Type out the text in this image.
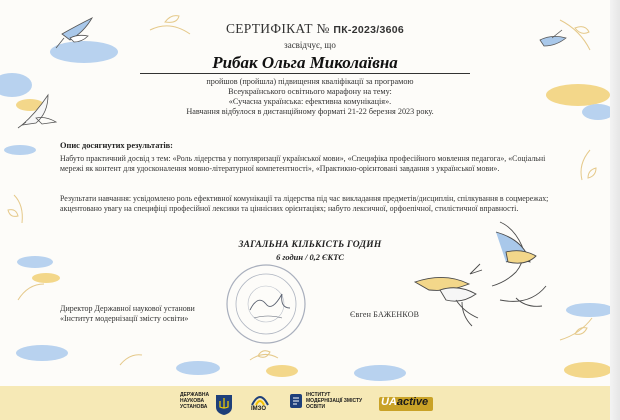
СЕРТИФІКАТ № ПК-2023/3606
засвідчує, що
Рибак Ольга Миколаївна
пройшов (пройшла) підвищення кваліфікації за програмою
Всеукраїнського освітнього марафону на тему:
«Сучасна українська: ефективна комунікація».
Навчання відбулося в дистанційному форматі 21-22 березня 2023 року.
Опис досягнутих результатів:
Набуто практичний досвід з тем: «Роль лідерства у популяризації української мови», «Специфіка професійного мовлення педагога», «Соціальні мережі як контент для удосконалення мовно-літературної компетентності», «Практикно-орієнтовані завдання з української мови».
Результати навчання: усвідомлено роль ефективної комунікації та лідерства під час викладання предметів/дисциплін, спілкування в соцмережах; акцентовано увагу на специфіці професійної лексики та ціннісних орієнтаціях; набуто лексичної, орфоепічної, стилістичної вправності.
ЗАГАЛЬНА КІЛЬКІСТЬ ГОДИН
6 годин / 0,2 ЄКТС
Директор Державної наукової установи
«Інститут модернізації змісту освіти»	Євген БАЖЕНКОВ
ДЕРЖАВНА
НАУКОВА
УСТАНОВА	ІМЗО
ІНСТИТУТ
МОДЕРНІЗАЦІЇ ЗМІСТУ
ОСВІТИ	UAactive
